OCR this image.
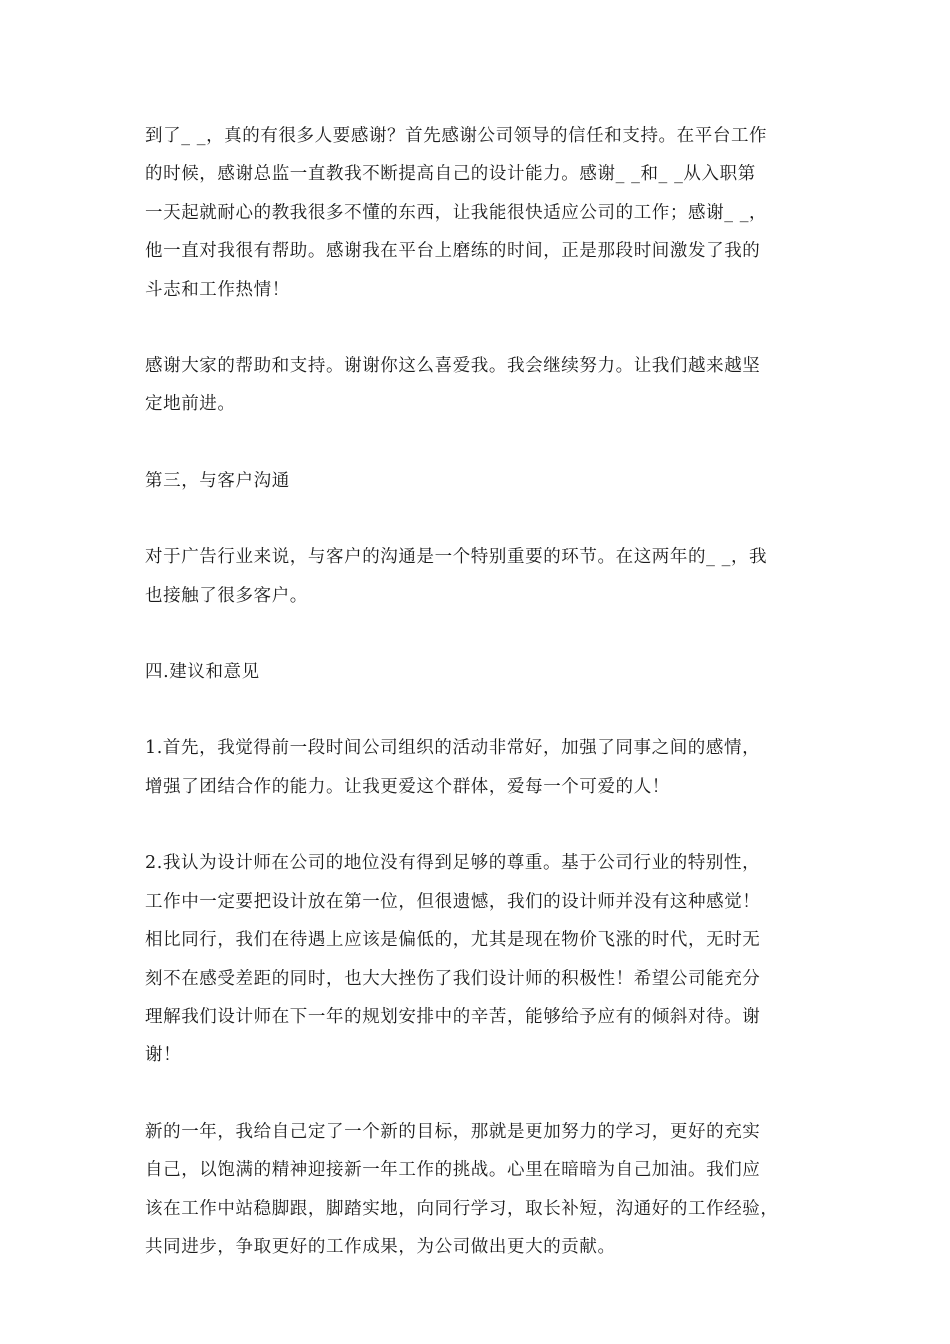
到了_ _，真的有很多人要感谢？首先感谢公司领导的信任和支持。在平台工作
的时候，感谢总监一直教我不断提高自己的设计能力。感谢_ _和_ _从入职第
一天起就耐心的教我很多不懂的东西，让我能很快适应公司的工作；感谢_ _，
他一直对我很有帮助。感谢我在平台上磨练的时间，正是那段时间激发了我的
斗志和工作热情！

感谢大家的帮助和支持。谢谢你这么喜爱我。我会继续努力。让我们越来越坚
定地前进。

第三，与客户沟通

对于广告行业来说，与客户的沟通是一个特别重要的环节。在这两年的_ _，我
也接触了很多客户。

四.建议和意见

1.首先，我觉得前一段时间公司组织的活动非常好，加强了同事之间的感情，
增强了团结合作的能力。让我更爱这个群体，爱每一个可爱的人！

2.我认为设计师在公司的地位没有得到足够的尊重。基于公司行业的特别性，
工作中一定要把设计放在第一位，但很遗憾，我们的设计师并没有这种感觉！
相比同行，我们在待遇上应该是偏低的，尤其是现在物价飞涨的时代，无时无
刻不在感受差距的同时，也大大挫伤了我们设计师的积极性！希望公司能充分
理解我们设计师在下一年的规划安排中的辛苦，能够给予应有的倾斜对待。谢
谢！

新的一年，我给自己定了一个新的目标，那就是更加努力的学习，更好的充实
自己，以饱满的精神迎接新一年工作的挑战。心里在暗暗为自己加油。我们应
该在工作中站稳脚跟，脚踏实地，向同行学习，取长补短，沟通好的工作经验，
共同进步，争取更好的工作成果，为公司做出更大的贡献。
